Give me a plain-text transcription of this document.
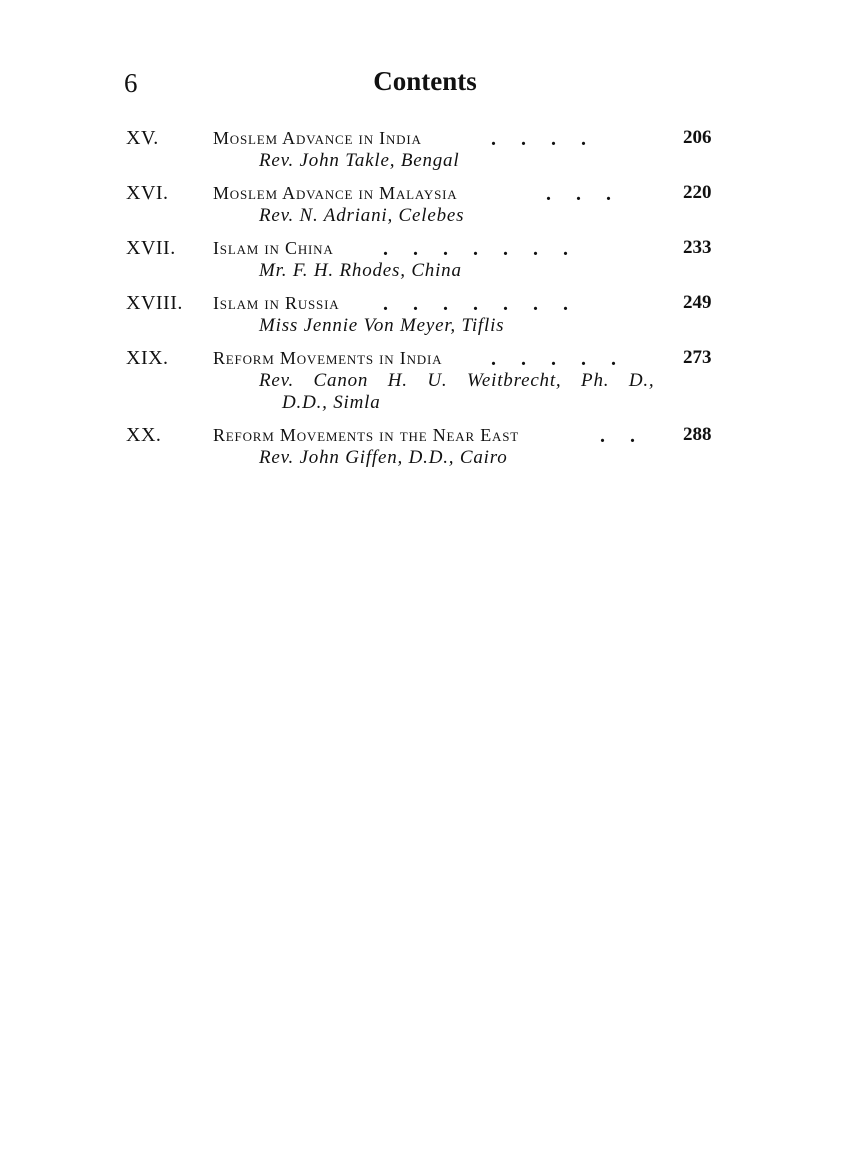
6	Contents
XV.	Moslem Advance in India	.     .     .     .	206
Rev. John Takle, Bengal
XVI. Moslem Advance in Malaysia	.     .     .	220
Rev. N. Adriani, Celebes
XVII. Islam in China .     .     .     .     .     .     .	233
Mr. F. H. Rhodes, China
XVIII. Islam in Russia .     .     .     .     .     .     .	249
Miss Jennie Von Meyer, Tiflis
XIX. Reform Movements in India .     .     .     .     .	273
Rev. Canon H. U. Weitbrecht, Ph. D.,
D.D., Simla
XX.	Reform Movements in the Near East	.     .	288
Rev. John Giffen, D.D., Cairo
